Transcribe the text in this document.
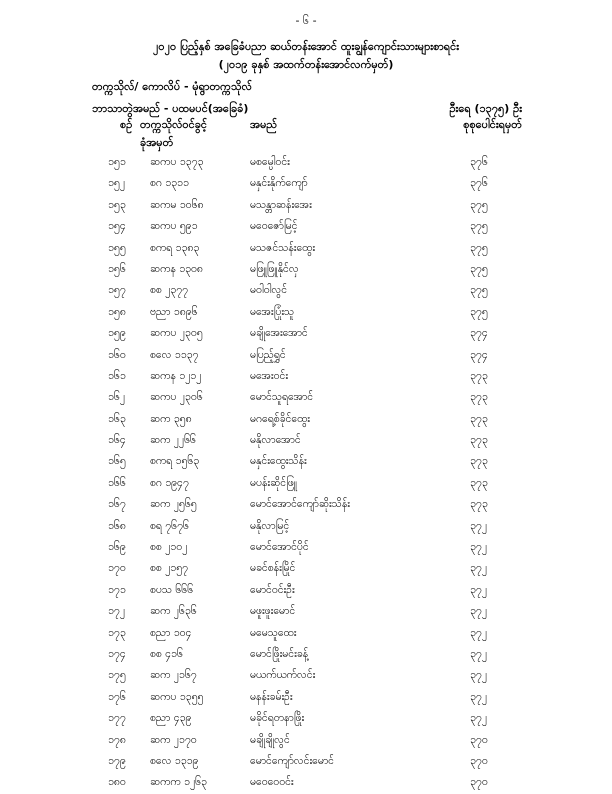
- ၆ -
၂၀၂၀ ပြည့်နှစ် အခြေခံပညာ ဆယ်တန်းအောင် ထူးချွန်ကျောင်းသားများစာရင်း
(၂၀၁၉ ခုနှစ် အထက်တန်းအောင်လက်မှတ်)
တက္ကသိုလ်/ ကောလိပ် - မုံရွာတက္ကသိုလ်
ဘာသာတွဲအမည် - ပထမပင်(အခြေခံ)	ဦးရေ (၁၃၇၅) ဦး
စဉ် တက္ကသိုလ်ဝင်ခွင့်
ခုံအမှတ်
အမည်	စုစုပေါင်းရမှတ်
၁၅၁ ဆကပ ၁၃၇၃	မစမ္ပေါဝင်း	၃၇၆
၁၅၂ စဂ ၁၃၁၁	မနှင်းနိုက်ကျော်	၃၇၆
၁၅၃ ဆကမ ၁၀၆၈	မသန္တာဆန်းအေး	၃၇၅
၁၅၄ ဆကပ ၅၉၁	မဝေဇော်မြင့်	၃၇၅
၁၅၅ စကရ ၁၃၈၃	မသဇင်သန်းထွေး	၃၇၅
၁၅၆ ဆကန ၁၃၀၈	မဖြူဖြူနိုင်လှ	၃၇၅
၁၅၇ စစ ၂၃၇၇	မဝါဝါလွင်	၃၇၅
၁၅၈ ဗညာ ၁၈၉၆	မအေးပြုံးသူ	၃၇၅
၁၅၉ ဆကပ ၂၃၀၅	မချိုအေးအောင်	၃၇၄
၁၆၀ စလေ ၁၁၃၇	မပြည့်ရွှင်	၃၇၄
၁၆၁ ဆကန ၁၂၁၂	မအေးဝင်း	၃၇၃
၁၆၂ ဆကပ ၂၃၀၆	မောင်သူရအောင်	၃၇၃
၁၆၃ ဆက ၃၅၈	မဂရေ့စ်ခိုင်ထွေး	၃၇၃
၁၆၄ ဆက ၂၂၆၆	မနိုလာအောင်	၃၇၃
၁၆၅ စကရ ၁၅၆၃	မနှင်းထွေးသိန်း	၃၇၃
၁၆၆ စဂ ၁၉၄၇	မပန်းဆိုင်ဖြူ	၃၇၃
၁၆၇ ဆက ၂၅၆၅	မောင်အောင်ကျော်ဆိုးသိန်း	၃၇၃
၁၆၈ စရ ၇၆၇၆	မနိုလာမြင့်	၃၇၂
၁၆၉ စစ ၂၁၀၂	မောင်အောင်ပိုင်	၃၇၂
၁၇၀ စစ ၂၁၅၇	မခင်စန်းမြိုင်	၃၇၂
၁၇၁ စပသ ၆၆၆	မောင်ဝင်းဦး	၃၇၂
၁၇၂ ဆက ၂၆၃၆	မဖူးဖူးမောင်	၃၇၂
၁၇၃ စညာ ၁၀၄	မမေသူထေး	၃၇၂
၁၇၄ စစ ၄၁၆	မောင်ဖြိုးမင်းခန့်	၃၇၂
၁၇၅ ဆက ၂၁၆၇	မယက်ယက်လင်း	၃၇၂
၁၇၆ ဆကပ ၁၃၅၅	မနန်းခမ်းဦး	၃၇၂
၁၇၇ စညာ ၄၃၉	မခိုင်ရတနာဖြိုး	၃၇၂
၁၇၈ ဆက ၂၁၇၀	မချိုချိုလွင်	၃၇၀
၁၇၉ စလေ ၁၃၁၉	မောင်ကျော်လင်းမောင်	၃၇၀
၁၈၀ ဆကက ၁၂၆၃	မဝေဝေဝင်း	၃၇၀
